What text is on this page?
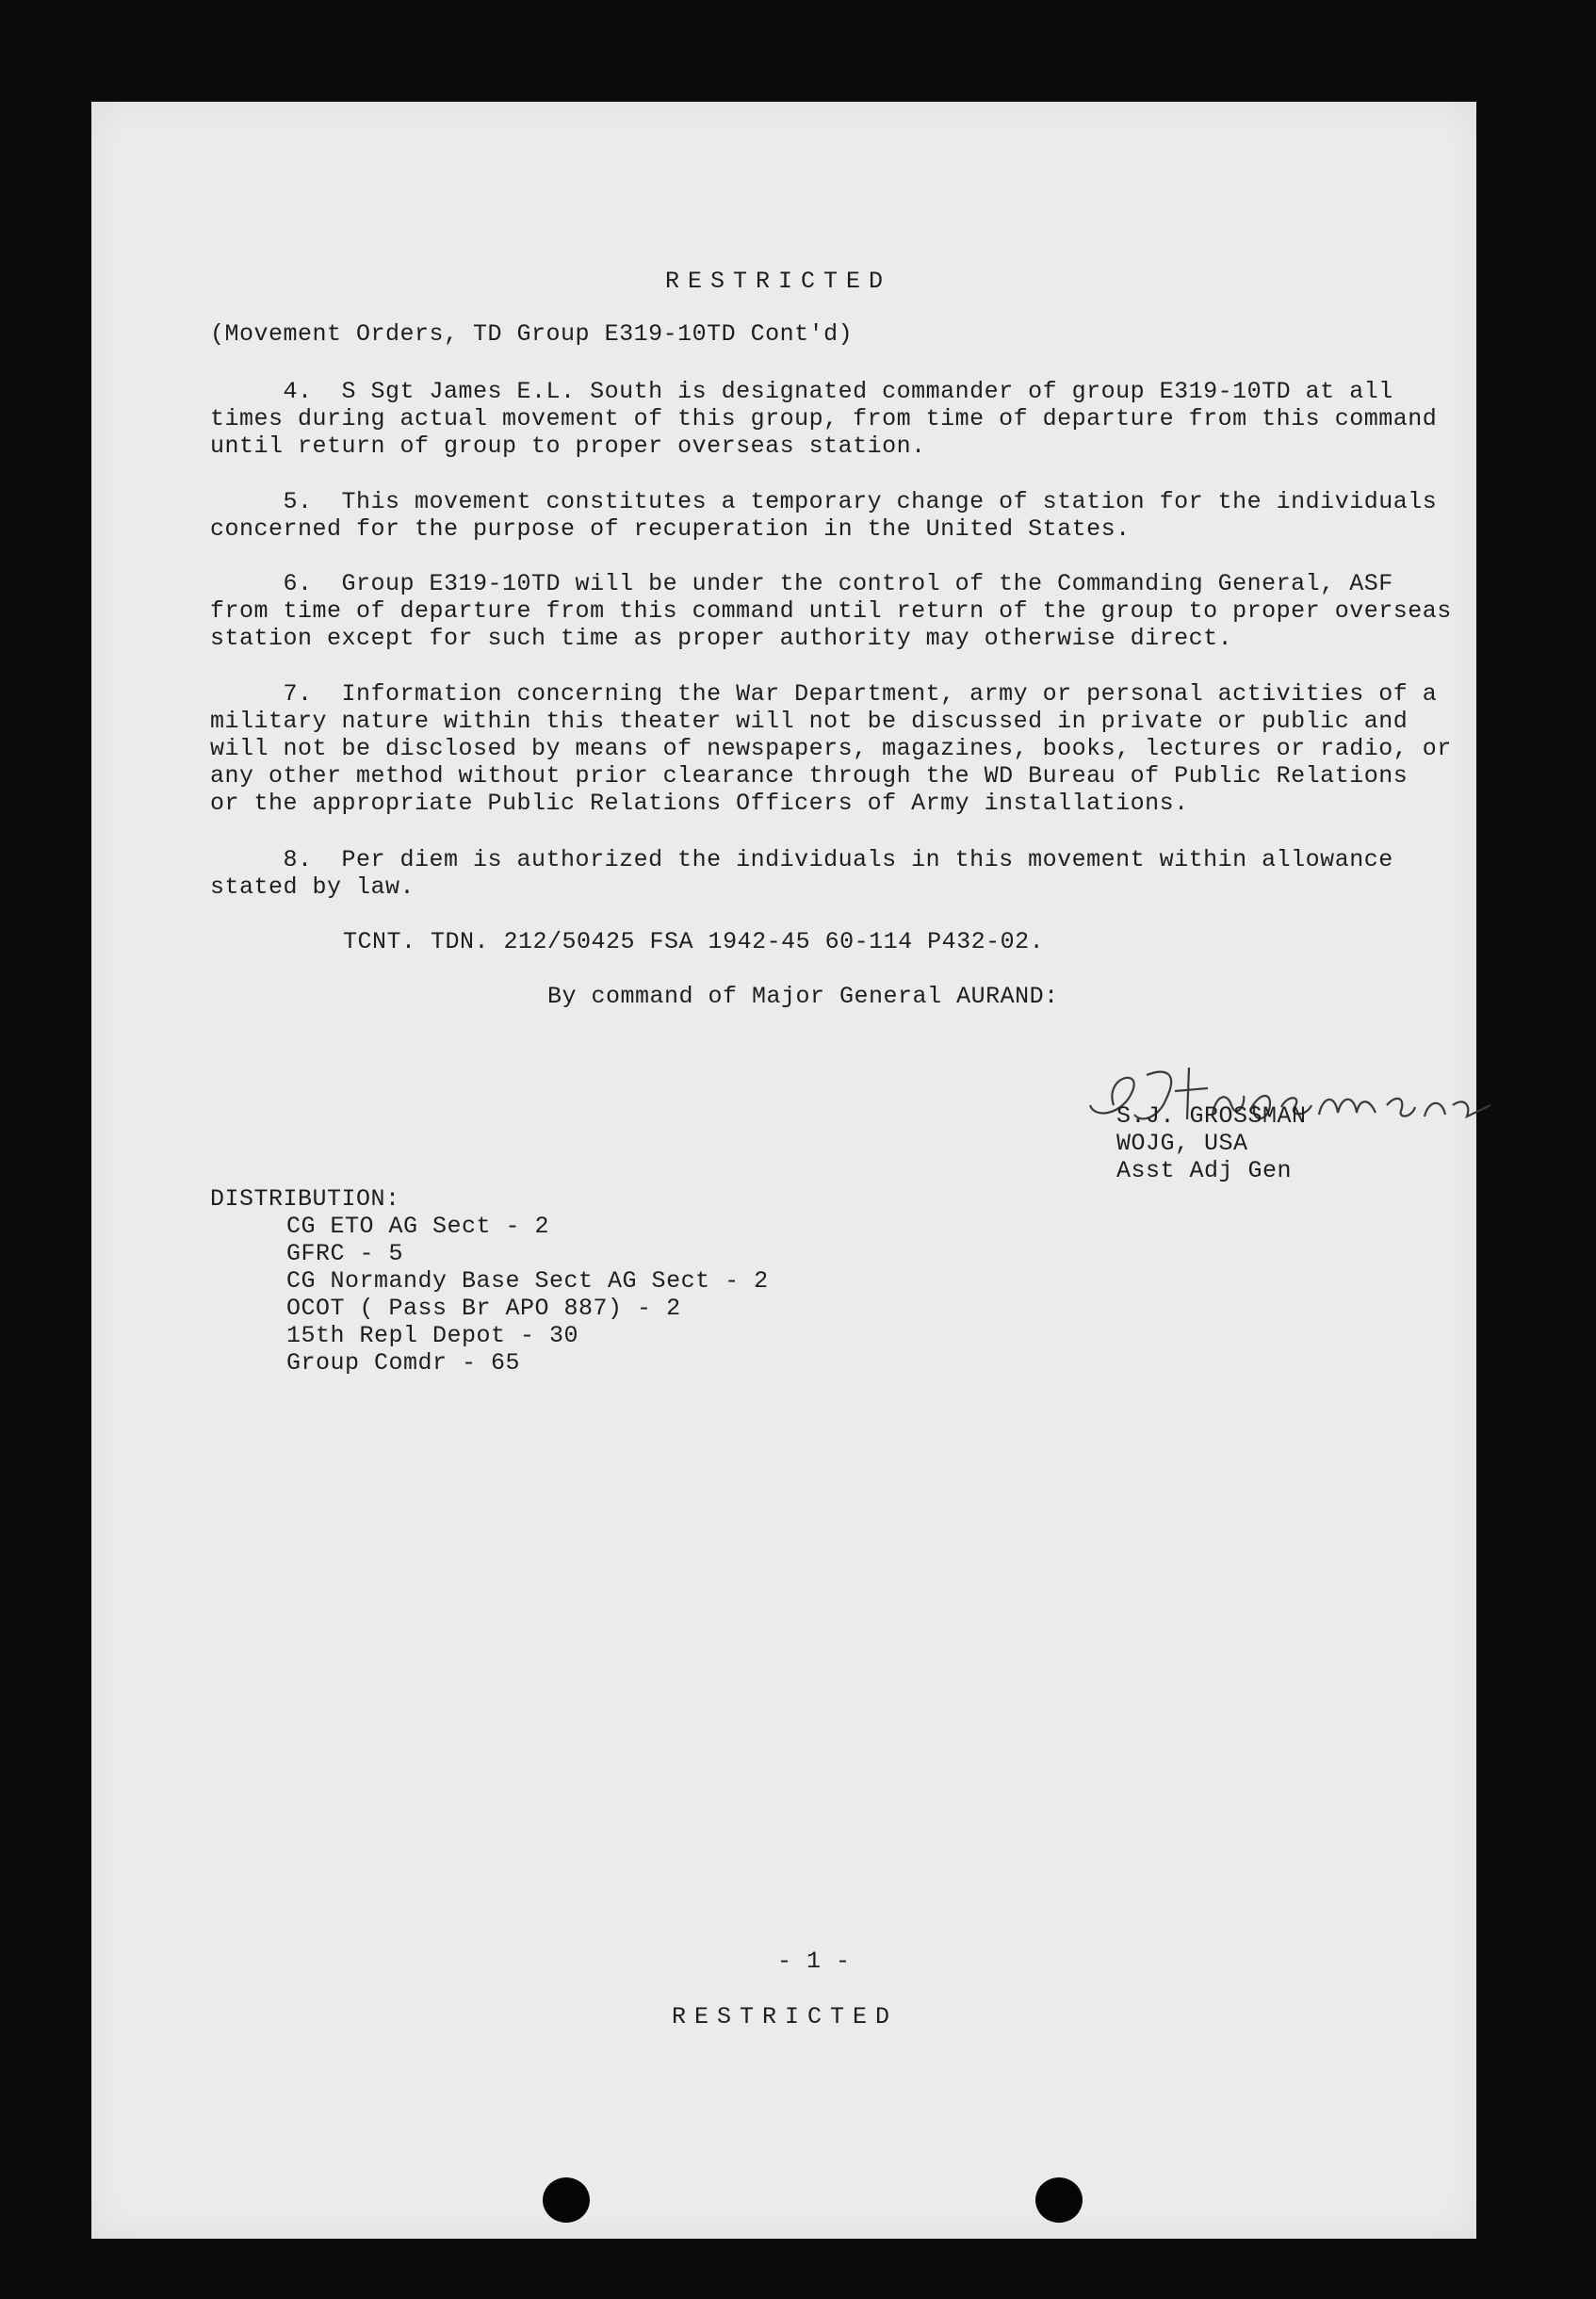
RESTRICTED
(Movement Orders, TD Group E319-10TD Cont'd)
4.  S Sgt James E.L. South is designated commander of group E319-10TD at all
times during actual movement of this group, from time of departure from this command
until return of group to proper overseas station.
5.  This movement constitutes a temporary change of station for the individuals
concerned for the purpose of recuperation in the United States.
6.  Group E319-10TD will be under the control of the Commanding General, ASF
from time of departure from this command until return of the group to proper overseas
station except for such time as proper authority may otherwise direct.
7.  Information concerning the War Department, army or personal activities of a
military nature within this theater will not be discussed in private or public and
will not be disclosed by means of newspapers, magazines, books, lectures or radio, or
any other method without prior clearance through the WD Bureau of Public Relations
or the appropriate Public Relations Officers of Army installations.
8.  Per diem is authorized the individuals in this movement within allowance
stated by law.
TCNT. TDN. 212/50425 FSA 1942-45 60-114 P432-02.
By command of Major General AURAND:
S.J. GROSSMAN
WOJG, USA
Asst Adj Gen
DISTRIBUTION:
CG ETO AG Sect - 2
GFRC - 5
CG Normandy Base Sect AG Sect - 2
OCOT ( Pass Br APO 887) - 2
15th Repl Depot - 30
Group Comdr - 65
- 1 -
RESTRICTED
